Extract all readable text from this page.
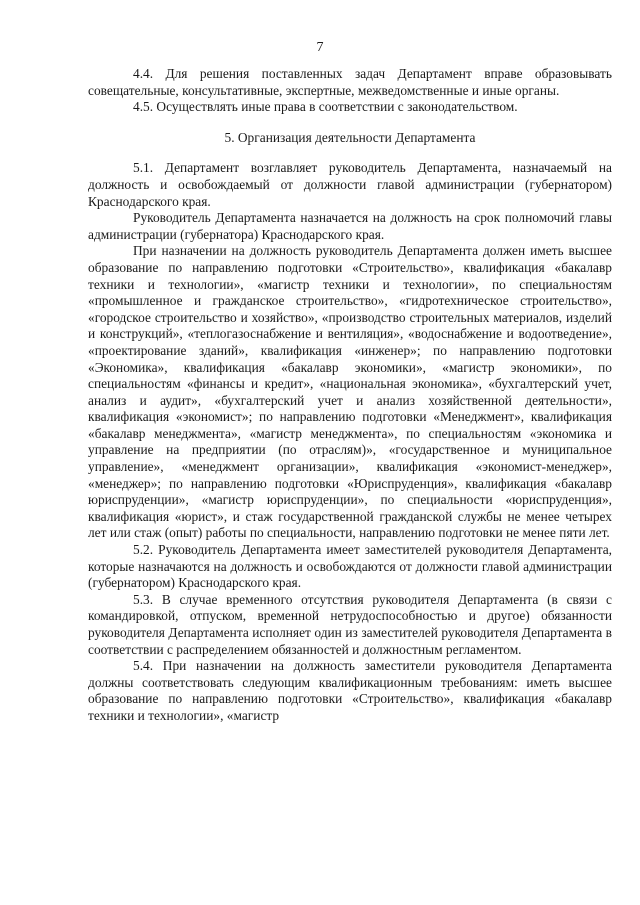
7

4.4. Для решения поставленных задач Департамент вправе образовывать совещательные, консультативные, экспертные, межведомственные и иные органы.

4.5. Осуществлять иные права в соответствии с законодательством.

5. Организация деятельности Департамента

5.1. Департамент возглавляет руководитель Департамента, назначаемый на должность и освобождаемый от должности главой администрации (губернатором) Краснодарского края.

Руководитель Департамента назначается на должность на срок полномочий главы администрации (губернатора) Краснодарского края.

При назначении на должность руководитель Департамента должен иметь высшее образование по направлению подготовки «Строительство», квалификация «бакалавр техники и технологии», «магистр техники и технологии», по специальностям «промышленное и гражданское строительство», «гидротехническое строительство», «городское строительство и хозяйство», «производство строительных материалов, изделий и конструкций», «теплогазоснабжение и вентиляция», «водоснабжение и водоотведение», «проектирование зданий», квалификация «инженер»; по направлению подготовки «Экономика», квалификация «бакалавр экономики», «магистр экономики», по специальностям «финансы и кредит», «национальная экономика», «бухгалтерский учет, анализ и аудит», «бухгалтерский учет и анализ хозяйственной деятельности», квалификация «экономист»; по направлению подготовки «Менеджмент», квалификация «бакалавр менеджмента», «магистр менеджмента», по специальностям «экономика и управление на предприятии (по отраслям)», «государственное и муниципальное управление», «менеджмент организации», квалификация «экономист-менеджер», «менеджер»; по направлению подготовки «Юриспруденция», квалификация «бакалавр юриспруденции», «магистр юриспруденции», по специальности «юриспруденция», квалификация «юрист», и стаж государственной гражданской службы не менее четырех лет или стаж (опыт) работы по специальности, направлению подготовки не менее пяти лет.

5.2. Руководитель Департамента имеет заместителей руководителя Департамента, которые назначаются на должность и освобождаются от должности главой администрации (губернатором) Краснодарского края.

5.3. В случае временного отсутствия руководителя Департамента (в связи с командировкой, отпуском, временной нетрудоспособностью и другое) обязанности руководителя Департамента исполняет один из заместителей руководителя Департамента в соответствии с распределением обязанностей и должностным регламентом.

5.4. При назначении на должность заместители руководителя Департамента должны соответствовать следующим квалификационным требованиям: иметь высшее образование по направлению подготовки «Строительство», квалификация «бакалавр техники и технологии», «магистр
